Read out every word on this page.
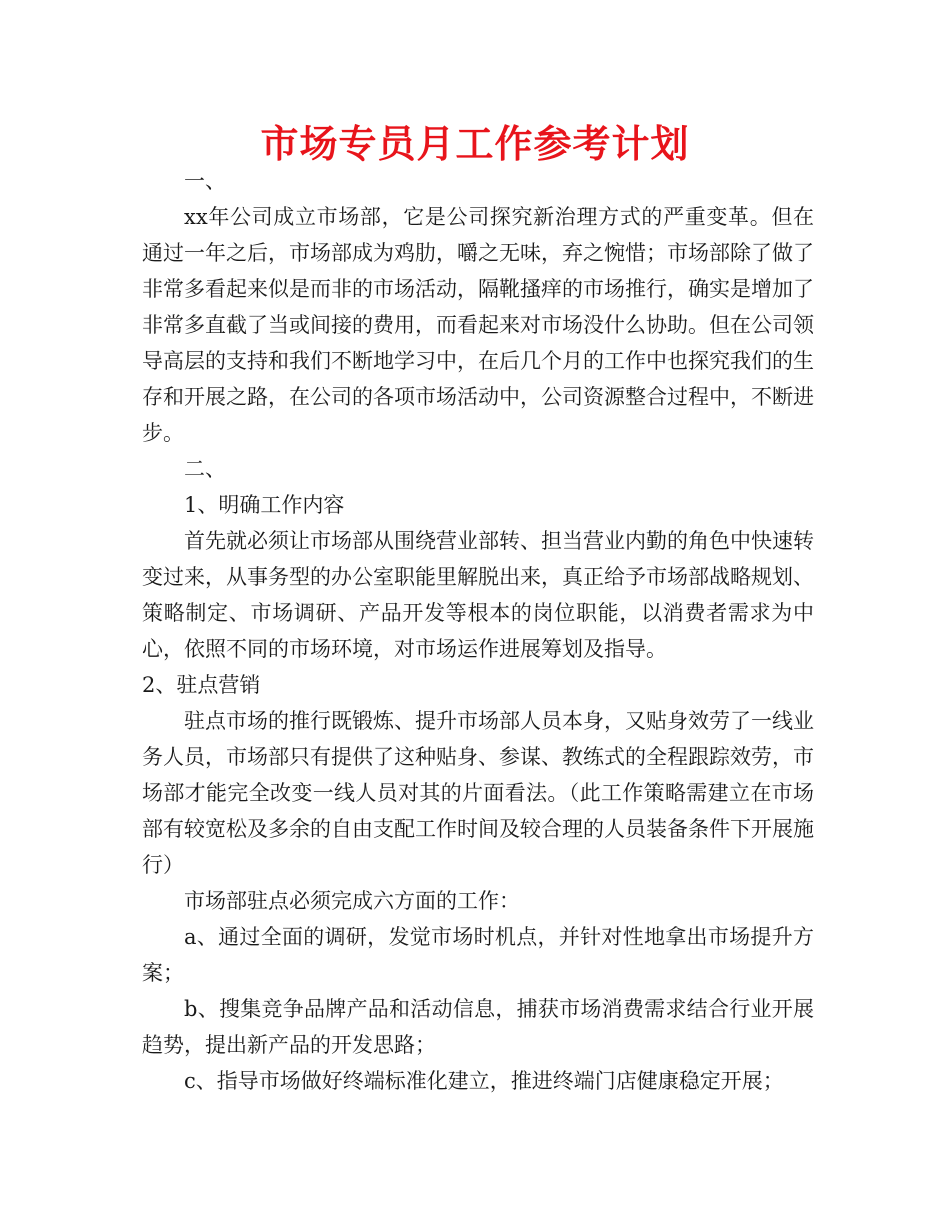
市场专员月工作参考计划

一、

xx年公司成立市场部，它是公司探究新治理方式的严重变革。但在通过一年之后，市场部成为鸡肋，嚼之无味，弃之惋惜；市场部除了做了非常多看起来似是而非的市场活动，隔靴搔痒的市场推行，确实是增加了非常多直截了当或间接的费用，而看起来对市场没什么协助。但在公司领导高层的支持和我们不断地学习中，在后几个月的工作中也探究我们的生存和开展之路，在公司的各项市场活动中，公司资源整合过程中，不断进步。

二、

1、明确工作内容

首先就必须让市场部从围绕营业部转、担当营业内勤的角色中快速转变过来，从事务型的办公室职能里解脱出来，真正给予市场部战略规划、策略制定、市场调研、产品开发等根本的岗位职能，以消费者需求为中心，依照不同的市场环境，对市场运作进展筹划及指导。

2、驻点营销

驻点市场的推行既锻炼、提升市场部人员本身，又贴身效劳了一线业务人员，市场部只有提供了这种贴身、参谋、教练式的全程跟踪效劳，市场部才能完全改变一线人员对其的片面看法。（此工作策略需建立在市场部有较宽松及多余的自由支配工作时间及较合理的人员装备条件下开展施行）

市场部驻点必须完成六方面的工作：

a、通过全面的调研，发觉市场时机点，并针对性地拿出市场提升方案；

b、搜集竞争品牌产品和活动信息，捕获市场消费需求结合行业开展趋势，提出新产品的开发思路；

c、指导市场做好终端标准化建立，推进终端门店健康稳定开展；
